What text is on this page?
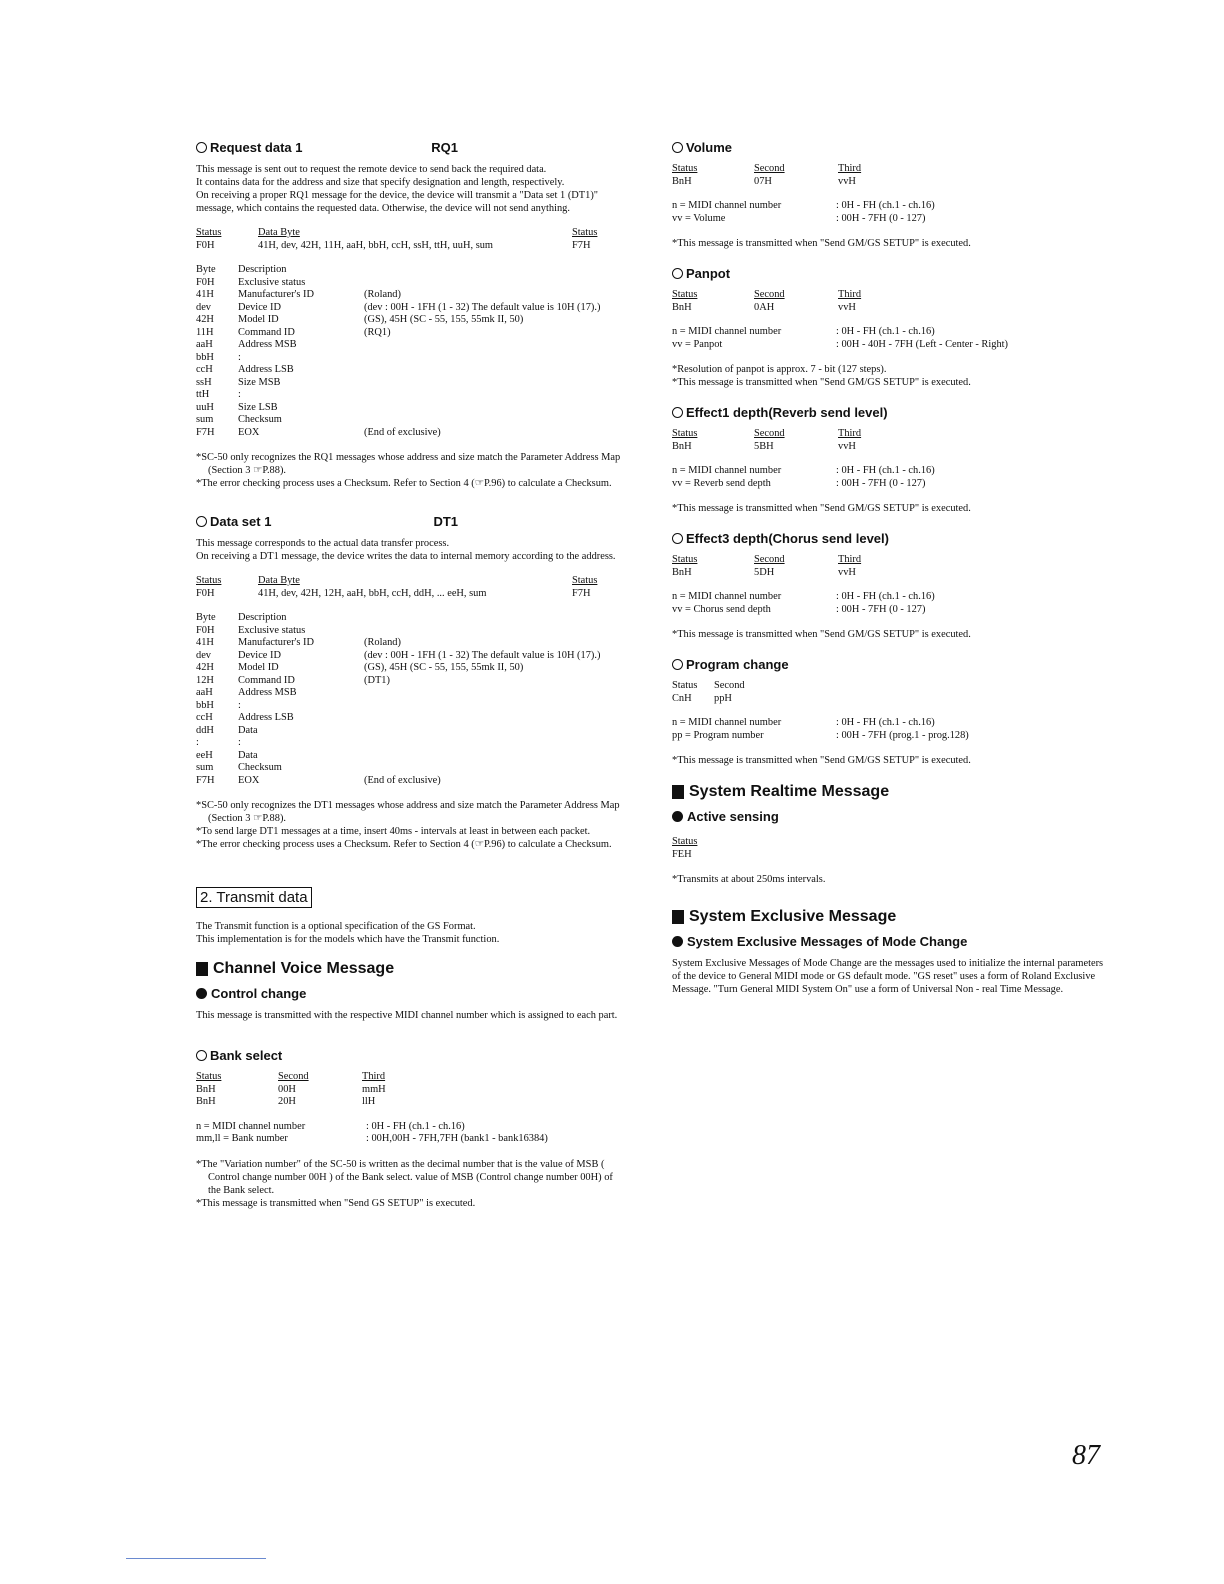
Request data 1	RQ1

This message is sent out to request the remote device to send back the required data.
It contains data for the address and size that specify designation and length, respectively.
On receiving a proper RQ1 message for the device, the device will transmit a "Data set 1 (DT1)" message, which contains the requested data. Otherwise, the device will not send anything.

Status	Data Byte	Status
F0H	41H, dev, 42H, 11H, aaH, bbH, ccH, ssH, ttH, uuH, sum	F7H
Byte	Description	
F0H	Exclusive status	
41H	Manufacturer's ID	(Roland)
dev	Device ID	(dev : 00H - 1FH (1 - 32) The default value is 10H (17).)
42H	Model ID	(GS), 45H (SC - 55, 155, 55mk II, 50)
11H	Command ID	(RQ1)
aaH	Address MSB	
bbH	:	
ccH	Address LSB	
ssH	Size MSB	
ttH	:	
uuH	Size LSB	
sum	Checksum	
F7H	EOX	(End of exclusive)
*SC-50 only recognizes the RQ1 messages whose address and size match the Parameter Address Map (Section 3 ☞P.88).
*The error checking process uses a Checksum. Refer to Section 4 (☞P.96) to calculate a Checksum.
Data set 1	DT1

This message corresponds to the actual data transfer process.
On receiving a DT1 message, the device writes the data to internal memory according to the address.

Status	Data Byte	Status
F0H	41H, dev, 42H, 12H, aaH, bbH, ccH, ddH, ... eeH, sum	F7H
Byte	Description	
F0H	Exclusive status	
41H	Manufacturer's ID	(Roland)
dev	Device ID	(dev : 00H - 1FH (1 - 32) The default value is 10H (17).)
42H	Model ID	(GS), 45H (SC - 55, 155, 55mk II, 50)
12H	Command ID	(DT1)
aaH	Address MSB	
bbH	:	
ccH	Address LSB	
ddH	Data	
:	:	
eeH	Data	
sum	Checksum	
F7H	EOX	(End of exclusive)
*SC-50 only recognizes the DT1 messages whose address and size match the Parameter Address Map (Section 3 ☞P.88).
*To send large DT1 messages at a time, insert 40ms - intervals at least in between each packet.
*The error checking process uses a Checksum. Refer to Section 4 (☞P.96) to calculate a Checksum.
2. Transmit data

The Transmit function is a optional specification of the GS Format.
This implementation is for the models which have the Transmit function.

Channel Voice Message
Control change

This message is transmitted with the respective MIDI channel number which is assigned to each part.

Bank select
Status	Second	Third
BnH	00H	mmH
BnH	20H	llH
n = MIDI channel number	: 0H - FH (ch.1 - ch.16)
mm,ll = Bank number	: 00H,00H - 7FH,7FH (bank1 - bank16384)
*The "Variation number" of the SC-50 is written as the decimal number that is the value of MSB ( Control change number 00H ) of the Bank select. value of MSB (Control change number 00H) of the Bank select.
*This message is transmitted when "Send GS SETUP" is executed.
Volume
Status	Second	Third
BnH	07H	vvH
n = MIDI channel number	: 0H - FH (ch.1 - ch.16)
vv = Volume	: 00H - 7FH (0 - 127)
*This message is transmitted when "Send GM/GS SETUP" is executed.
Panpot
Status	Second	Third
BnH	0AH	vvH
n = MIDI channel number	: 0H - FH (ch.1 - ch.16)
vv = Panpot	: 00H - 40H - 7FH (Left - Center - Right)
*Resolution of panpot is approx. 7 - bit (127 steps).
*This message is transmitted when "Send GM/GS SETUP" is executed.
Effect1 depth(Reverb send level)
Status	Second	Third
BnH	5BH	vvH
n = MIDI channel number	: 0H - FH (ch.1 - ch.16)
vv = Reverb send depth	: 00H - 7FH (0 - 127)
*This message is transmitted when "Send GM/GS SETUP" is executed.
Effect3 depth(Chorus send level)
Status	Second	Third
BnH	5DH	vvH
n = MIDI channel number	: 0H - FH (ch.1 - ch.16)
vv = Chorus send depth	: 00H - 7FH (0 - 127)
*This message is transmitted when "Send GM/GS SETUP" is executed.
Program change
Status	Second
CnH	ppH
n = MIDI channel number	: 0H - FH (ch.1 - ch.16)
pp = Program number	: 00H - 7FH (prog.1 - prog.128)
*This message is transmitted when "Send GM/GS SETUP" is executed.
System Realtime Message
Active sensing
Status
FEH
*Transmits at about 250ms intervals.
System Exclusive Message
System Exclusive Messages of Mode Change

System Exclusive Messages of Mode Change are the messages used to initialize the internal parameters of the device to General MIDI mode or GS default mode. "GS reset" uses a form of Roland Exclusive Message. "Turn General MIDI System On" use a form of Universal Non - real Time Message.

87
